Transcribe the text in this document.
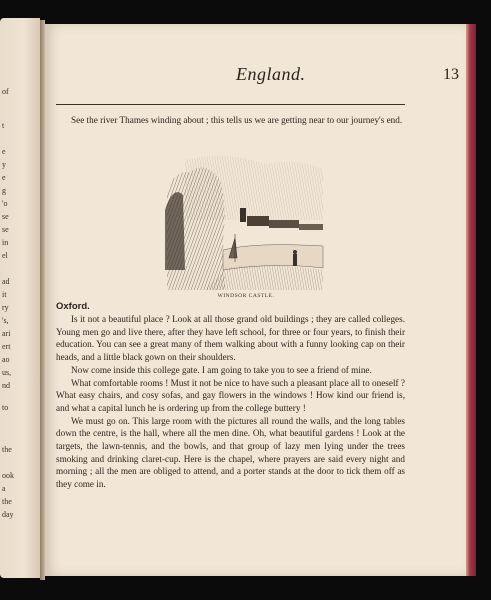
of
t
e
y
e
g
'o
se
se
in
el
ad
it
ry
's,
ari
ert
ao
us,
nd
to
the
ook
a
the
day
England.	13

See the river Thames winding about ; this tells us we are getting near to our journey's end.

WINDSOR CASTLE.
Oxford.

Is it not a beautiful place ? Look at all those grand old buildings ; they are called colleges. Young men go and live there, after they have left school, for three or four years, to finish their education. You can see a great many of them walking about with a funny looking cap on their heads, and a little black gown on their shoulders.

Now come inside this college gate. I am going to take you to see a friend of mine.

What comfortable rooms ! Must it not be nice to have such a pleasant place all to oneself ? What easy chairs, and cosy sofas, and gay flowers in the windows ! How kind our friend is, and what a capital lunch he is ordering up from the college buttery !

We must go on. This large room with the pictures all round the walls, and the long tables down the centre, is the hall, where all the men dine. Oh, what beautiful gardens ! Look at the targets, the lawn-tennis, and the bowls, and that group of lazy men lying under the trees smoking and drinking claret-cup. Here is the chapel, where prayers are said every night and morning ; all the men are obliged to attend, and a porter stands at the door to tick them off as they come in.
